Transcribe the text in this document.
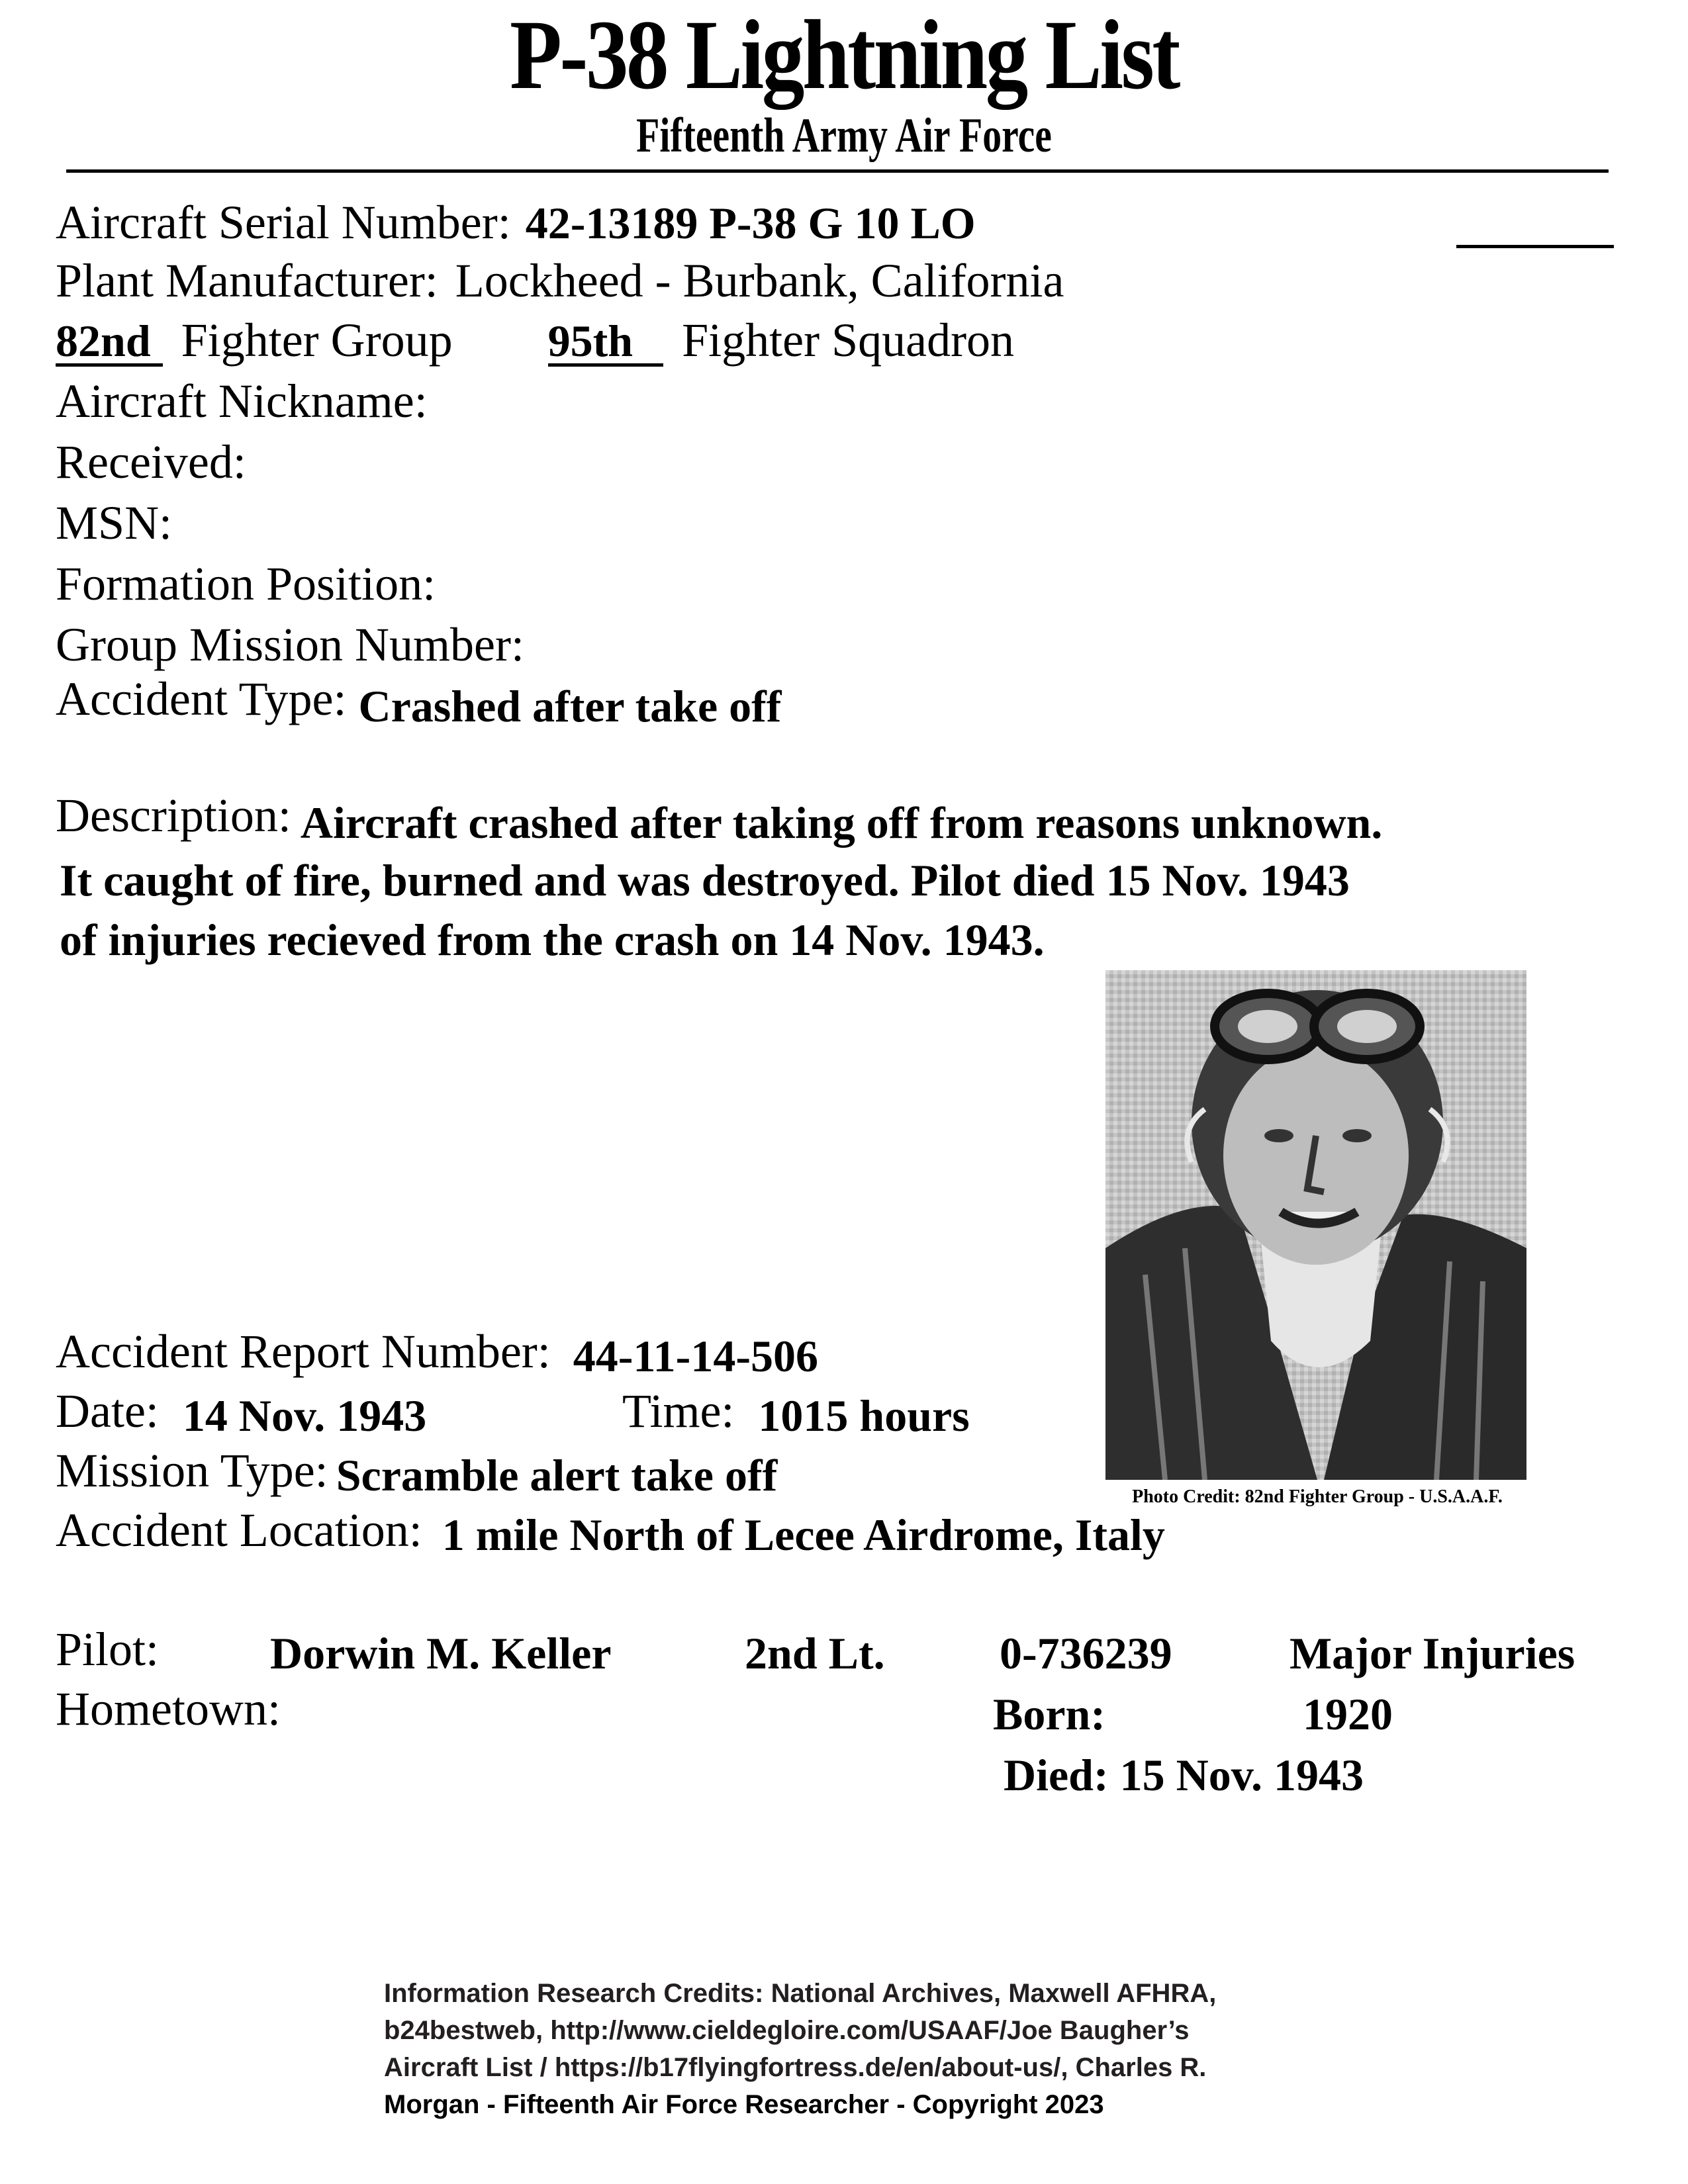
P-38 Lightning List
Fifteenth Army Air Force
Aircraft Serial Number: 42-13189 P-38 G 10 LO
Plant Manufacturer: Lockheed - Burbank, California
82nd Fighter Group 95th Fighter Squadron
Aircraft Nickname:
Received:
MSN:
Formation Position:
Group Mission Number:
Accident Type: Crashed after take off
Description: Aircraft crashed after taking off from reasons unknown.
It caught of fire, burned and was destroyed. Pilot died 15 Nov. 1943
of injuries recieved from the crash on 14 Nov. 1943.
Photo Credit: 82nd Fighter Group - U.S.A.A.F.
Accident Report Number: 44-11-14-506
Date: 14 Nov. 1943	Time: 1015 hours
Mission Type: Scramble alert take off
Accident Location: 1 mile North of Lecee Airdrome, Italy
Pilot: Dorwin M. Keller	2nd Lt.	0-736239	Major Injuries
Hometown:	Born:	1920
Died: 15 Nov. 1943
Information Research Credits: National Archives, Maxwell AFHRA,
b24bestweb, http://www.cieldegloire.com/USAAF/Joe Baugher’s
Aircraft List / https://b17flyingfortress.de/en/about-us/, Charles R.
Morgan - Fifteenth Air Force Researcher - Copyright 2023
